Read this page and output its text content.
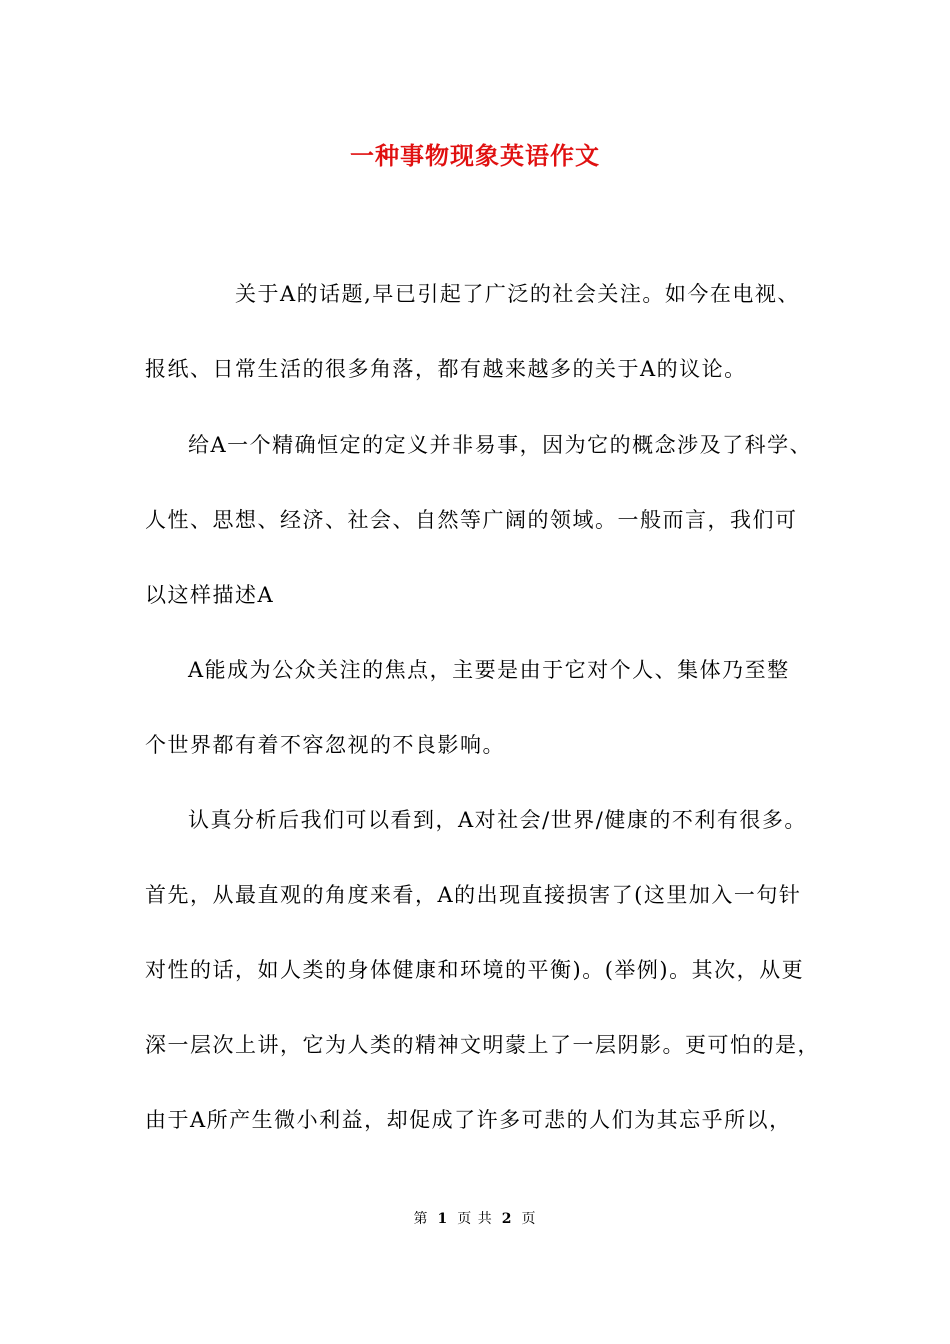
一种事物现象英语作文
关于A的话题,早已引起了广泛的社会关注。如今在电视、
报纸、日常生活的很多角落，都有越来越多的关于A的议论。
给A一个精确恒定的定义并非易事，因为它的概念涉及了科学、
人性、思想、经济、社会、自然等广阔的领域。一般而言，我们可
以这样描述A
A能成为公众关注的焦点，主要是由于它对个人、集体乃至整
个世界都有着不容忽视的不良影响。
认真分析后我们可以看到，A对社会/世界/健康的不利有很多。
首先，从最直观的角度来看，A的出现直接损害了(这里加入一句针
对性的话，如人类的身体健康和环境的平衡)。(举例)。其次，从更
深一层次上讲，它为人类的精神文明蒙上了一层阴影。更可怕的是，
由于A所产生微小利益，却促成了许多可悲的人们为其忘乎所以，
第 1 页 共 2 页
